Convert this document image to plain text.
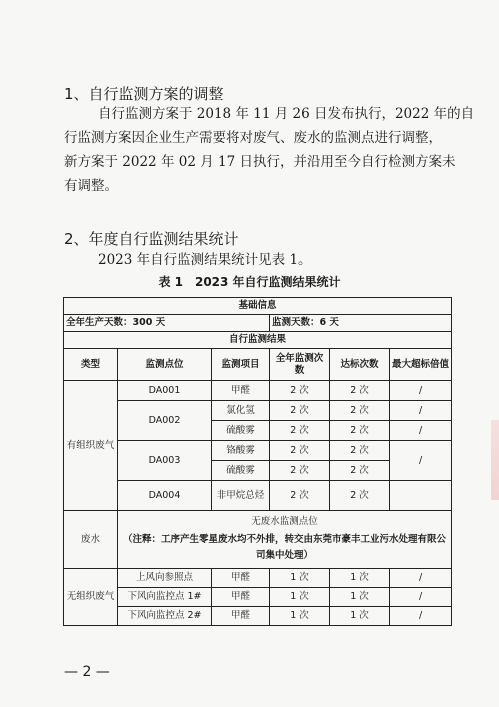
1、自行监测方案的调整
自行监测方案于 2018 年 11 月 26 日发布执行，2022 年的自
行监测方案因企业生产需要将对废气、废水的监测点进行调整，
新方案于 2022 年 02 月 17 日执行，并沿用至今自行检测方案未
有调整。
2、年度自行监测结果统计
2023 年自行监测结果统计见表 1。
表 1　2023 年自行监测结果统计
基础信息					
全年生产天数：300 天			监测天数：6 天		
自行监测结果					
类型	监测点位	监测项目	全年监测次数	达标次数	最大超标倍值
有组织废气	DA001	甲醛	2 次	2 次	/
	DA002	氯化氢	2 次	2 次	/
		硫酸雾	2 次	2 次	/
	DA003	铬酸雾	2 次	2 次	/
		硫酸雾	2 次	2 次	
	DA004	非甲烷总烃	2 次	2 次	
废水	无废水监测点位
（注释：工序产生零星废水均不外排，转交由东莞市豪丰工业污水处理有限公司集中处理）				

无组织废气	上风向参照点	甲醛	1 次	1 次	/
	下风向监控点 1#	甲醛	1 次	1 次	/
	下风向监控点 2#	甲醛	1 次	1 次	/
— 2 —
